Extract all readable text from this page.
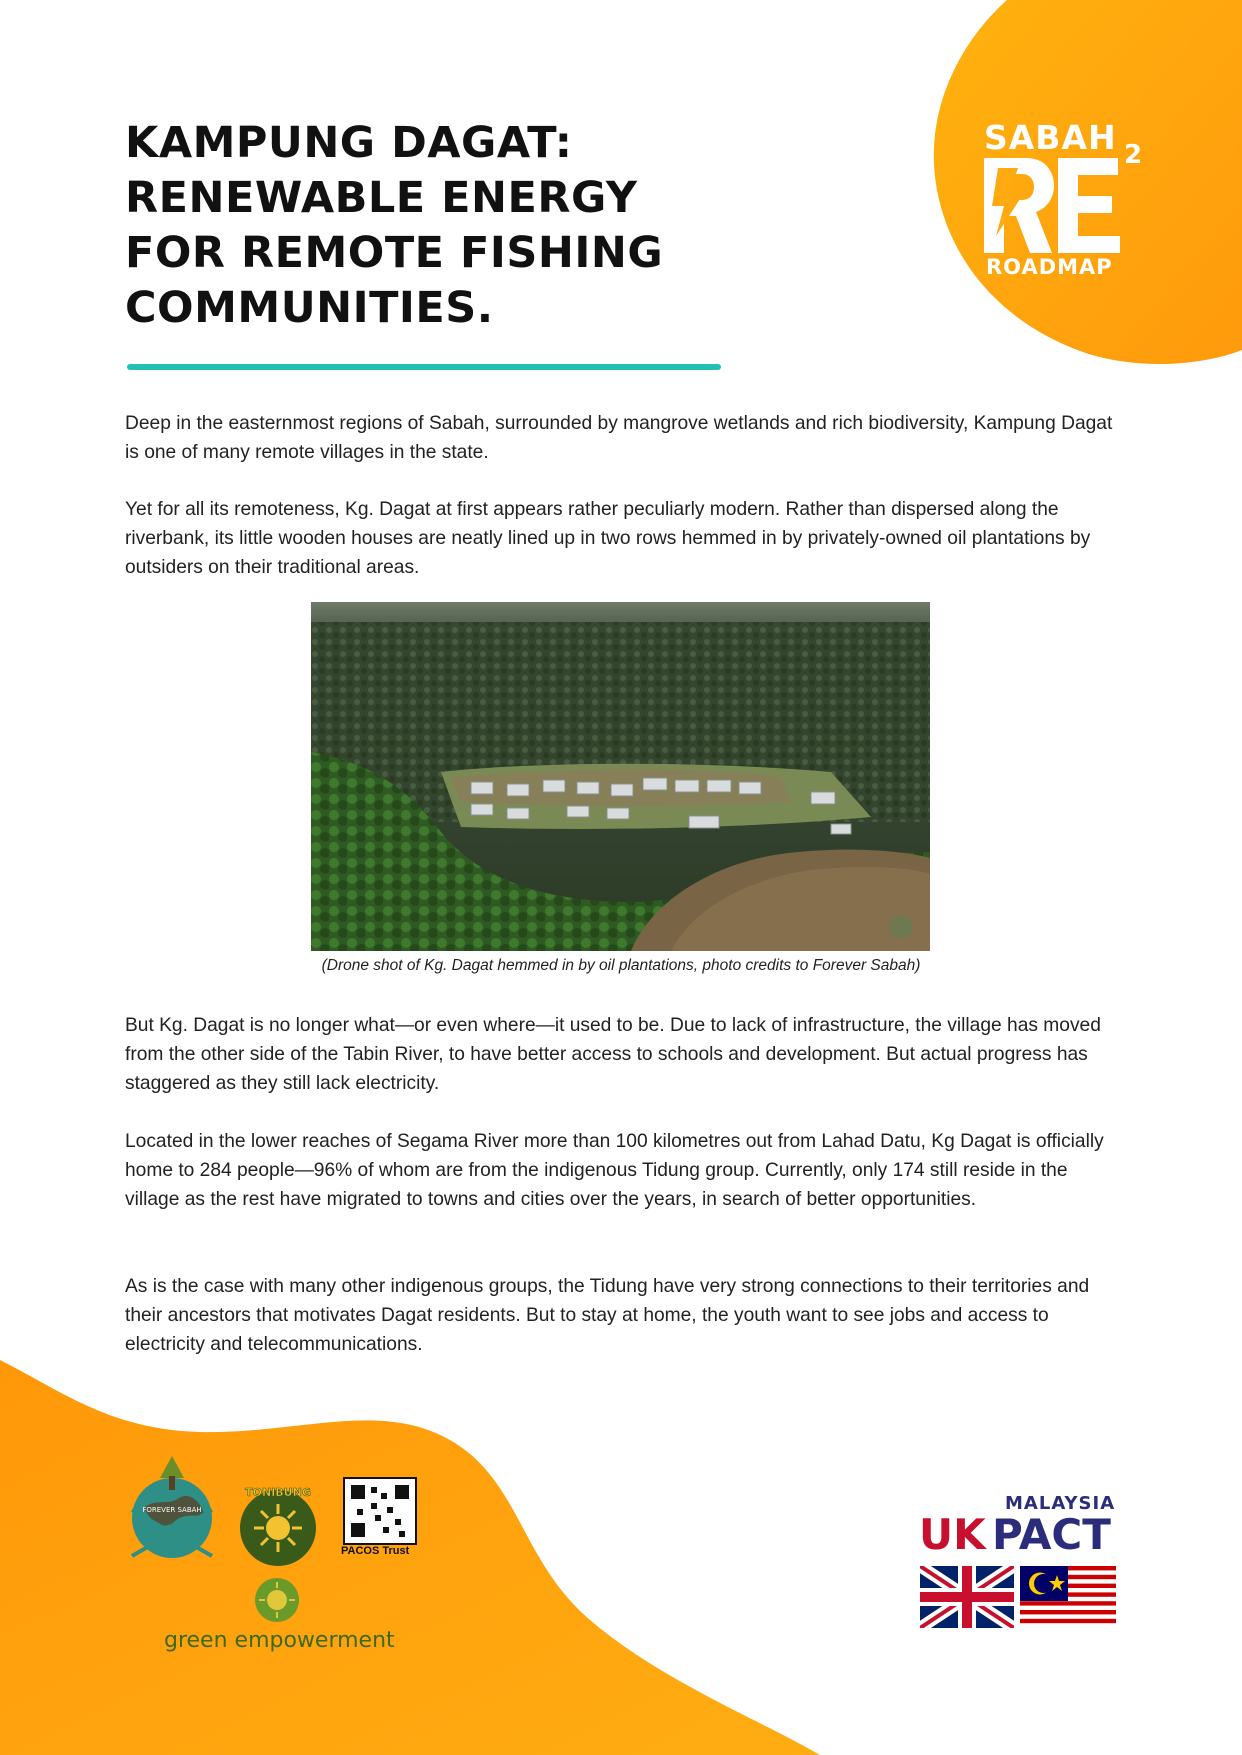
SABAH 2
ROADMAP
KAMPUNG DAGAT:
RENEWABLE ENERGY
FOR REMOTE FISHING
COMMUNITIES.

Deep in the easternmost regions of Sabah, surrounded by mangrove wetlands and rich biodiversity, Kampung Dagat is one of many remote villages in the state.

Yet for all its remoteness, Kg. Dagat at first appears rather peculiarly modern. Rather than dispersed along the riverbank, its little wooden houses are neatly lined up in two rows hemmed in by privately-owned oil plantations by outsiders on their traditional areas.

(Drone shot of Kg. Dagat hemmed in by oil plantations, photo credits to Forever Sabah)

But Kg. Dagat is no longer what—or even where—it used to be. Due to lack of infrastructure, the village has moved from the other side of the Tabin River, to have better access to schools and development. But actual progress has staggered as they still lack electricity.

Located in the lower reaches of Segama River more than 100 kilometres out from Lahad Datu, Kg Dagat is officially home to 284 people—96% of whom are from the indigenous Tidung group. Currently, only 174 still reside in the village as the rest have migrated to towns and cities over the years, in search of better opportunities.

As is the case with many other indigenous groups, the Tidung have very strong connections to their territories and their ancestors that motivates Dagat residents. But to stay at home, the youth want to see jobs and access to electricity and telecommunications.

FOREVER SABAH
TONIBUNG
PACOS Trust
green empowerment
MALAYSIA
UK PACT
